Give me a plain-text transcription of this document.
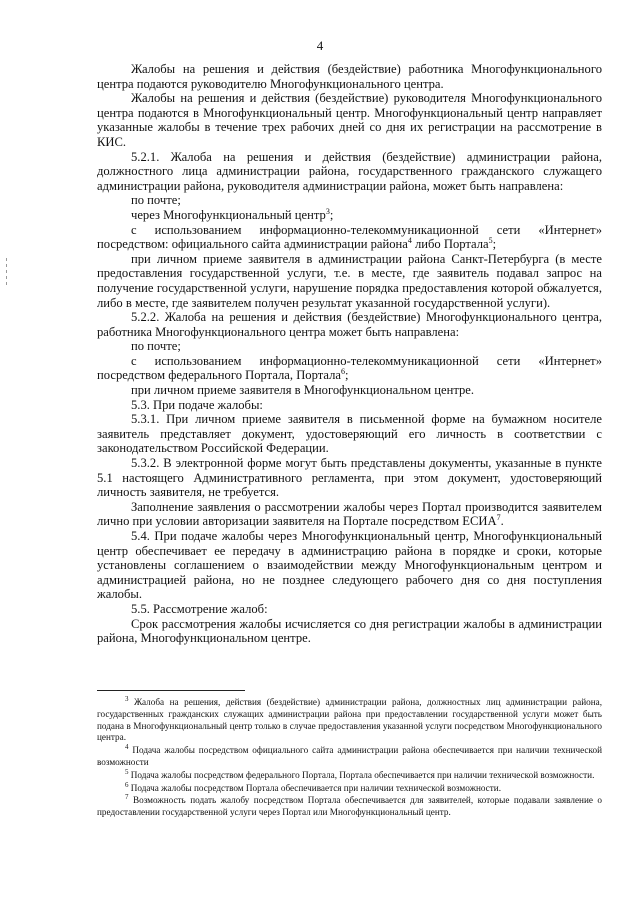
4

Жалобы на решения и действия (бездействие) работника Многофункционального центра подаются руководителю Многофункционального центра.

Жалобы на решения и действия (бездействие) руководителя Многофункционального центра подаются в Многофункциональный центр. Многофункциональный центр направляет указанные жалобы в течение трех рабочих дней со дня их регистрации на рассмотрение в КИС.

5.2.1. Жалоба на решения и действия (бездействие) администрации района, должностного лица администрации района, государственного гражданского служащего администрации района, руководителя администрации района, может быть направлена:

по почте;

через Многофункциональный центр$^3$;

с использованием информационно-телекоммуникационной сети «Интернет» посредством: официального сайта администрации района$^4$ либо Портала$^5$;

при личном приеме заявителя в администрации района Санкт-Петербурга (в месте предоставления государственной услуги, т.е. в месте, где заявитель подавал запрос на получение государственной услуги, нарушение порядка предоставления которой обжалуется, либо в месте, где заявителем получен результат указанной государственной услуги).

5.2.2. Жалоба на решения и действия (бездействие) Многофункционального центра, работника Многофункционального центра может быть направлена:

по почте;

с использованием информационно-телекоммуникационной сети «Интернет» посредством федерального Портала, Портала$^6$;

при личном приеме заявителя в Многофункциональном центре.

5.3. При подаче жалобы:

5.3.1. При личном приеме заявителя в письменной форме на бумажном носителе заявитель представляет документ, удостоверяющий его личность в соответствии с законодательством Российской Федерации.

5.3.2. В электронной форме могут быть представлены документы, указанные в пункте 5.1 настоящего Административного регламента, при этом документ, удостоверяющий личность заявителя, не требуется.

Заполнение заявления о рассмотрении жалобы через Портал производится заявителем лично при условии авторизации заявителя на Портале посредством ЕСИА$^7$.

5.4. При подаче жалобы через Многофункциональный центр, Многофункциональный центр обеспечивает ее передачу в администрацию района в порядке и сроки, которые установлены соглашением о взаимодействии между Многофункциональным центром и администрацией района, но не позднее следующего рабочего дня со дня поступления жалобы.

5.5. Рассмотрение жалоб:

Срок рассмотрения жалобы исчисляется со дня регистрации жалобы в администрации района, Многофункциональном центре.

$^3$ Жалоба на решения, действия (бездействие) администрации района, должностных лиц администрации района, государственных гражданских служащих администрации района при предоставлении государственной услуги может быть подана в Многофункциональный центр только в случае предоставления указанной услуги посредством Многофункционального центра.

$^4$ Подача жалобы посредством официального сайта администрации района обеспечивается при наличии технической возможности

$^5$ Подача жалобы посредством федерального Портала, Портала обеспечивается при наличии технической возможности.

$^6$ Подача жалобы посредством Портала обеспечивается при наличии технической возможности.

$^7$ Возможность подать жалобу посредством Портала обеспечивается для заявителей, которые подавали заявление о предоставлении государственной услуги через Портал или Многофункциональный центр.
